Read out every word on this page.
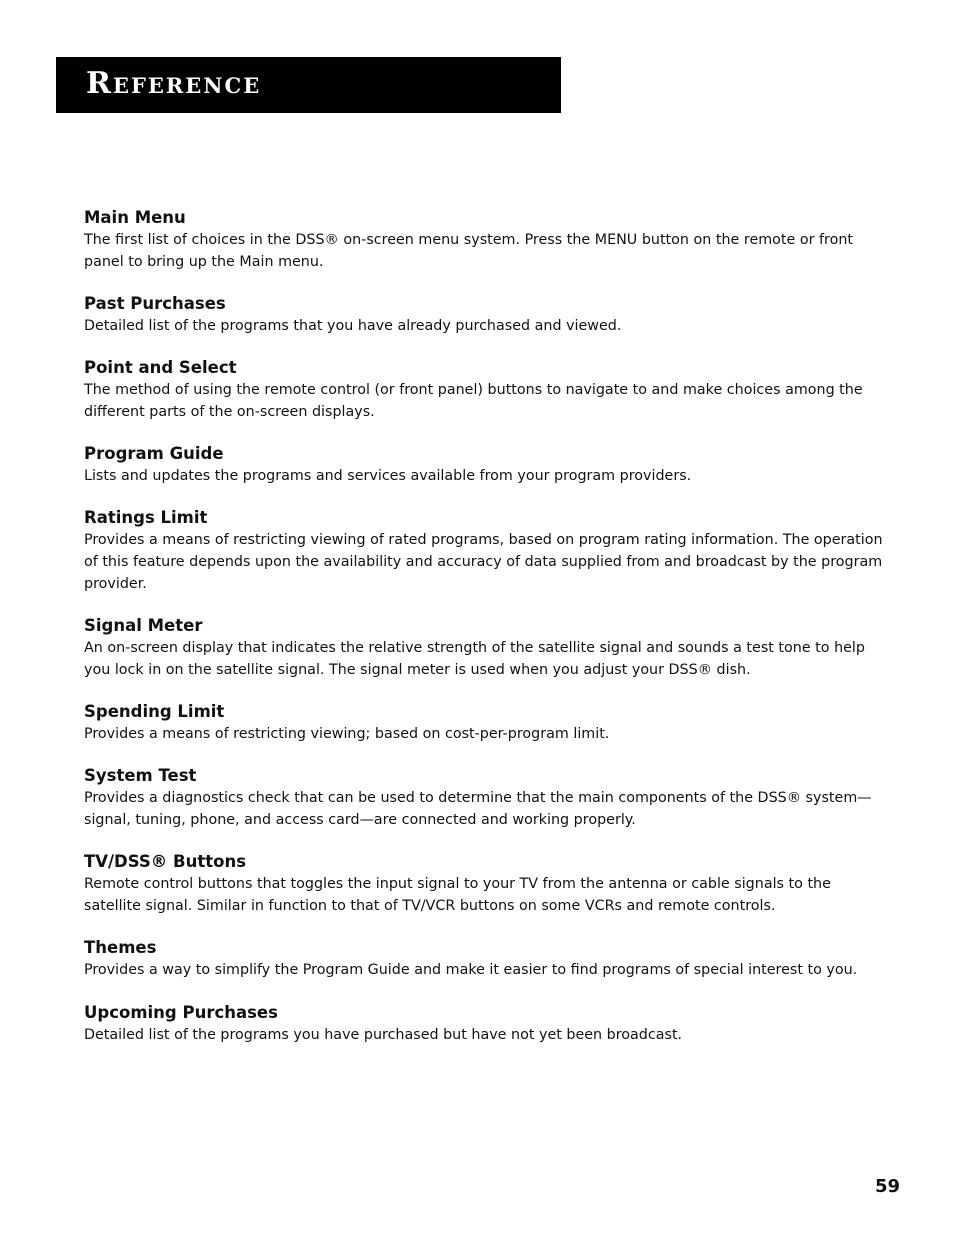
Reference

Main Menu

The first list of choices in the DSS® on-screen menu system. Press the MENU button on the remote or front panel to bring up the Main menu.

Past Purchases

Detailed list of the programs that you have already purchased and viewed.

Point and Select

The method of using the remote control (or front panel) buttons to navigate to and make choices among the different parts of the on-screen displays.

Program Guide

Lists and updates the programs and services available from your program providers.

Ratings Limit

Provides a means of restricting viewing of rated programs, based on program rating information. The operation of this feature depends upon the availability and accuracy of data supplied from and broadcast by the program provider.

Signal Meter

An on-screen display that indicates the relative strength of the satellite signal and sounds a test tone to help you lock in on the satellite signal. The signal meter is used when you adjust your DSS® dish.

Spending Limit

Provides a means of restricting viewing; based on cost-per-program limit.

System Test

Provides a diagnostics check that can be used to determine that the main components of the DSS® system—signal, tuning, phone, and access card—are connected and working properly.

TV/DSS® Buttons

Remote control buttons that toggles the input signal to your TV from the antenna or cable signals to the satellite signal. Similar in function to that of TV/VCR buttons on some VCRs and remote controls.

Themes

Provides a way to simplify the Program Guide and make it easier to find programs of special interest to you.

Upcoming Purchases

Detailed list of the programs you have purchased but have not yet been broadcast.

59
